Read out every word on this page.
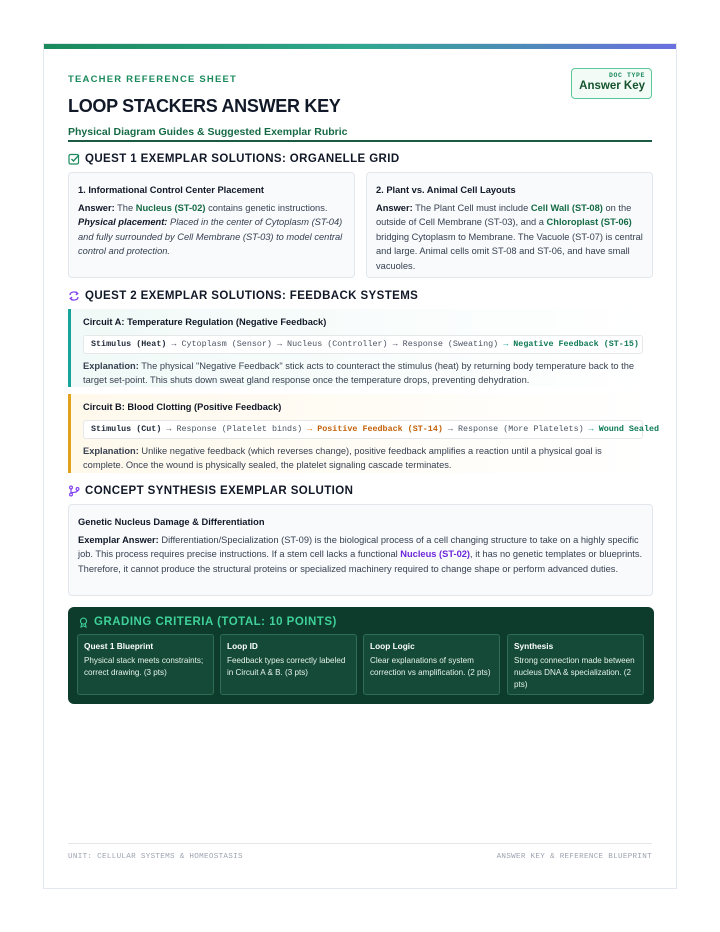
TEACHER REFERENCE SHEET
LOOP STACKERS ANSWER KEY
Physical Diagram Guides & Suggested Exemplar Rubric
DOC TYPE
Answer Key
QUEST 1 EXEMPLAR SOLUTIONS: ORGANELLE GRID
1. Informational Control Center Placement
Answer: The Nucleus (ST-02) contains genetic instructions.
Physical placement: Placed in the center of Cytoplasm (ST-04) and fully surrounded by Cell Membrane (ST-03) to model central control and protection.
2. Plant vs. Animal Cell Layouts
Answer: The Plant Cell must include Cell Wall (ST-08) on the outside of Cell Membrane (ST-03), and a Chloroplast (ST-06) bridging Cytoplasm to Membrane. The Vacuole (ST-07) is central and large. Animal cells omit ST-08 and ST-06, and have small vacuoles.
QUEST 2 EXEMPLAR SOLUTIONS: FEEDBACK SYSTEMS
Circuit A: Temperature Regulation (Negative Feedback)
Stimulus (Heat) → Cytoplasm (Sensor) → Nucleus (Controller) → Response (Sweating) → Negative Feedback (ST-15)
Explanation: The physical "Negative Feedback" stick acts to counteract the stimulus (heat) by returning body temperature back to the target set-point. This shuts down sweat gland response once the temperature drops, preventing dehydration.
Circuit B: Blood Clotting (Positive Feedback)
Stimulus (Cut) → Response (Platelet binds) → Positive Feedback (ST-14) → Response (More Platelets) → Wound Sealed
Explanation: Unlike negative feedback (which reverses change), positive feedback amplifies a reaction until a physical goal is complete. Once the wound is physically sealed, the platelet signaling cascade terminates.
CONCEPT SYNTHESIS EXEMPLAR SOLUTION
Genetic Nucleus Damage & Differentiation
Exemplar Answer: Differentiation/Specialization (ST-09) is the biological process of a cell changing structure to take on a highly specific job. This process requires precise instructions. If a stem cell lacks a functional Nucleus (ST-02), it has no genetic templates or blueprints. Therefore, it cannot produce the structural proteins or specialized machinery required to change shape or perform advanced duties.
GRADING CRITERIA (TOTAL: 10 POINTS)
Quest 1 Blueprint
Physical stack meets constraints; correct drawing. (3 pts)
Loop ID
Feedback types correctly labeled in Circuit A & B. (3 pts)
Loop Logic
Clear explanations of system correction vs amplification. (2 pts)
Synthesis
Strong connection made between nucleus DNA & specialization. (2 pts)
UNIT: CELLULAR SYSTEMS & HOMEOSTASIS	ANSWER KEY & REFERENCE BLUEPRINT
